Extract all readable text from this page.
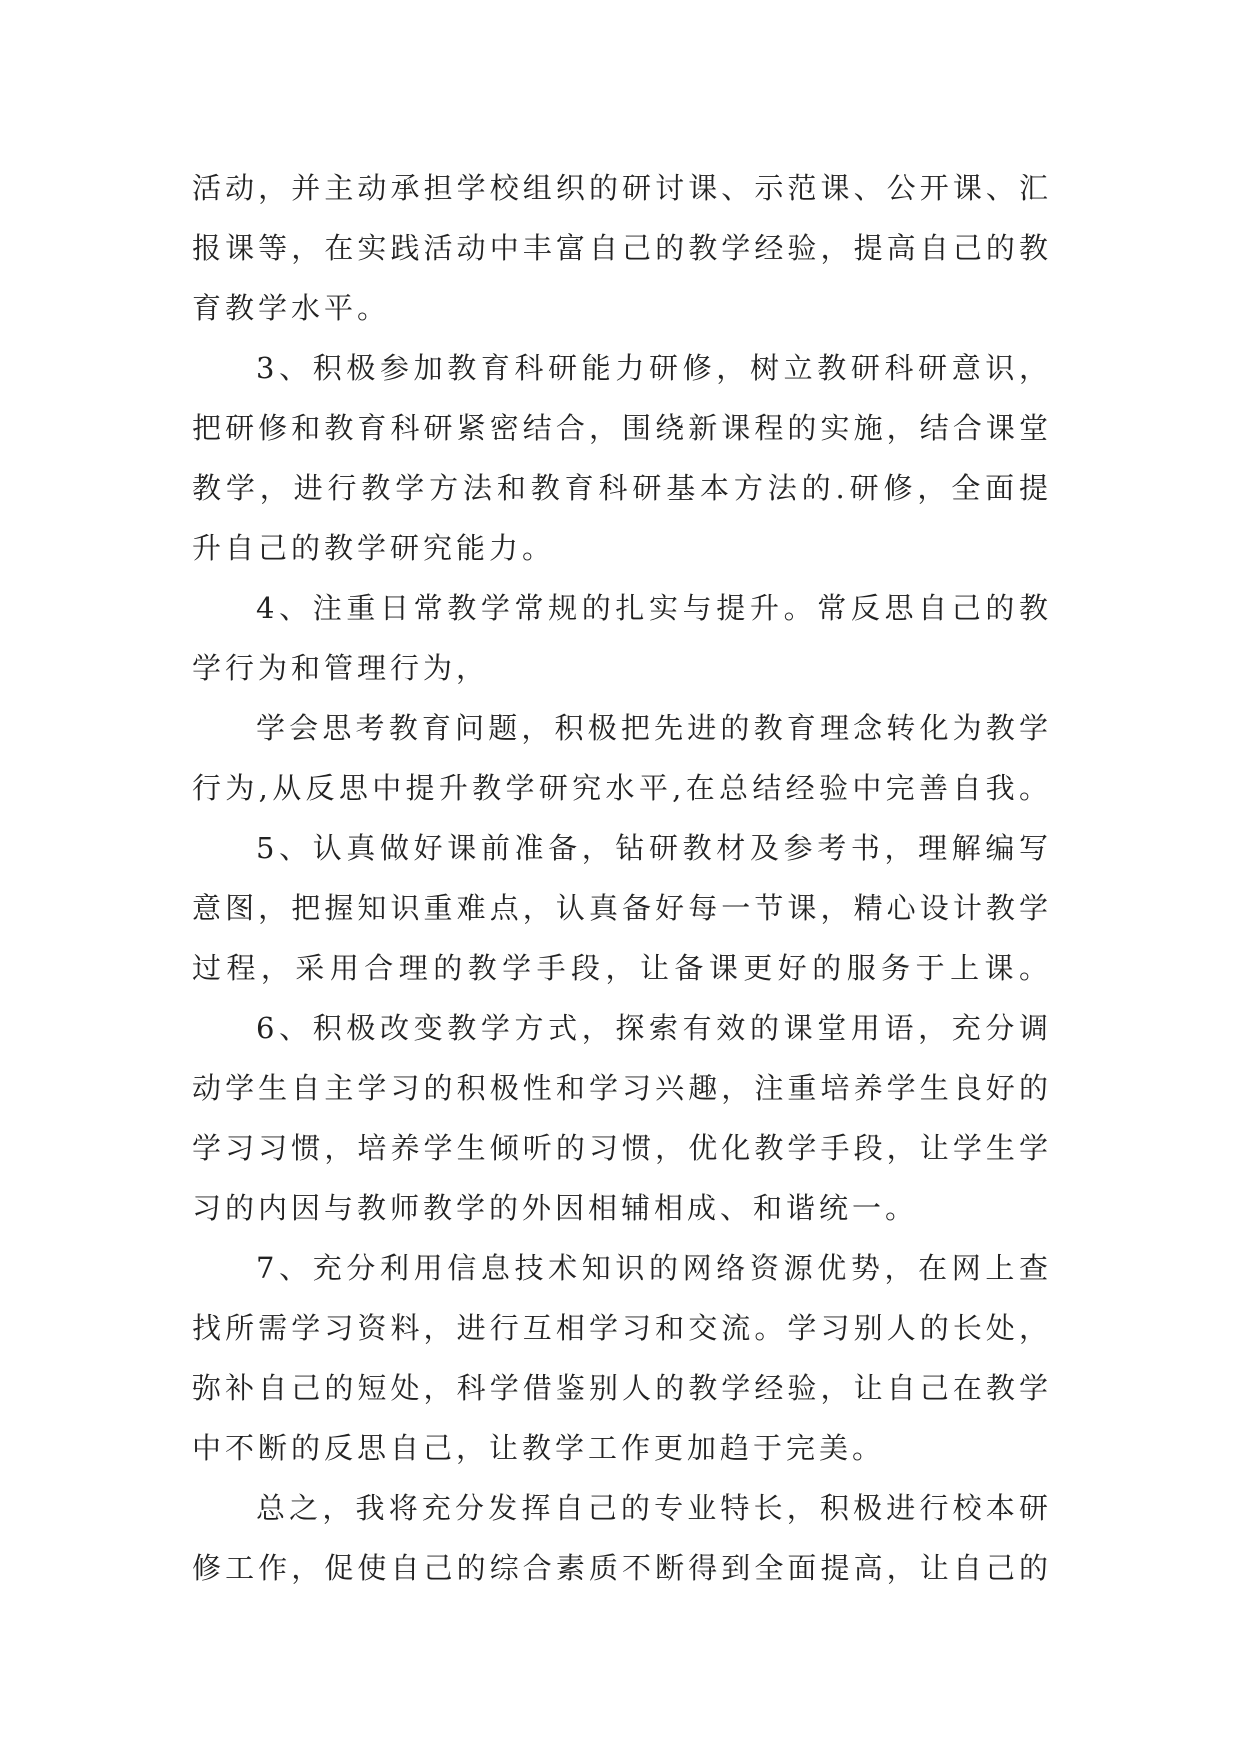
活动，并主动承担学校组织的研讨课、示范课、公开课、汇
报课等，在实践活动中丰富自己的教学经验，提高自己的教
育教学水平。
3、积极参加教育科研能力研修，树立教研科研意识，
把研修和教育科研紧密结合，围绕新课程的实施，结合课堂
教学，进行教学方法和教育科研基本方法的.研修，全面提
升自己的教学研究能力。
4、注重日常教学常规的扎实与提升。常反思自己的教
学行为和管理行为，
学会思考教育问题，积极把先进的教育理念转化为教学
行为,从反思中提升教学研究水平,在总结经验中完善自我。
5、认真做好课前准备，钻研教材及参考书，理解编写
意图，把握知识重难点，认真备好每一节课，精心设计教学
过程，采用合理的教学手段，让备课更好的服务于上课。
6、积极改变教学方式，探索有效的课堂用语，充分调
动学生自主学习的积极性和学习兴趣，注重培养学生良好的
学习习惯，培养学生倾听的习惯，优化教学手段，让学生学
习的内因与教师教学的外因相辅相成、和谐统一。
7、充分利用信息技术知识的网络资源优势，在网上查
找所需学习资料，进行互相学习和交流。学习别人的长处，
弥补自己的短处，科学借鉴别人的教学经验，让自己在教学
中不断的反思自己，让教学工作更加趋于完美。
总之，我将充分发挥自己的专业特长，积极进行校本研
修工作，促使自己的综合素质不断得到全面提高，让自己的
